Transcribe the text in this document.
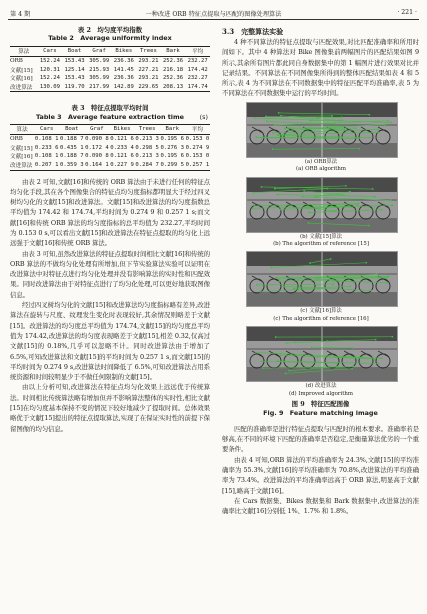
第 4 期	一种改进 ORB 特征点提取与匹配的图像处理算法	· 221 ·
表 2　均匀度平均指数
Table 2　Average uniformity index
算法	Cars	Boat	Graf	Bikes	Trees	Bark	平均
ORB	152.24	153.43	305.99	236.36	293.21	252.36	232.27
文献[15]	120.31	125.14	215.93	141.45	227.21	216.18	174.42
文献[16]	152.24	153.43	305.99	236.36	293.21	252.36	232.27
改进算法	130.09	119.70	217.99	142.89	229.65	208.13	174.74
表 3　特征点提取平均时间
Table 3　Average feature extraction time (s)
算法	Cars	Boat	Graf	Bikes	Trees	Bark	平均
ORB	0.108 1	0.188 7	0.090 8	0.121 6	0.213 3	0.195 6	0.153 0
文献[15]	0.233 6	0.435 1	0.172 4	0.233 4	0.298 5	0.276 3	0.274 9
文献[16]	0.108 1	0.188 7	0.090 8	0.121 6	0.213 3	0.195 6	0.153 0
改进算法	0.207 1	0.359 3	0.164 1	0.227 9	0.284 7	0.299 5	0.257 1

由表 2 可知,文献[16]和传统的 ORB 算法由于未进行任何的特征点均匀化手段,其在各个图像集合的特征点均匀度指标都明显大于经过四叉树均匀化的文献[15]和改进算法。文献[15]和改进算法的均匀度指数总平均值为 174.42 和 174.74,平均时间为 0.274 9 和 0.257 1 s;而文献[16]和传统 ORB 算法的均匀度指标的总平均值为 232.27,平均时间为 0.153 0 s,可以看出文献[15]和改进算法在特征点提取的均匀化上远远强于文献[16]和传统 ORB 算法。

由表 3 可知,虽然改进算法的特征点提取时间相比文献[16]和传统的 ORB 算法的不做均匀化处理有所增加,但下节实验算法实验可以证明在改进算法中对特征点进行均匀化处理并没有影响算法的实时性和匹配效果。同时改进算法由于对特征点进行了均匀化处理,可以更好地获取图像信息。

经过四叉树均匀化的文献[15]和改进算法均匀度指标略有差异,改进算法在旋转与尺度、纹理发生变化时表现较好,其余情况则略差于文献[15]。改进算法的均匀度总平均值为 174.74,文献[15]的均匀度总平均值为 174.42,改进算法的均匀度表现略差于文献[15],相差 0.32,仅高过文献[15]的 0.18%,几乎可以忽略不计。同时改进算法由于增加了 6.5%,可知改进算法和文献[15]的平均时间为 0.257 1 s,而文献[15]的平均时间为 0.274 9 s,改进算法时间降低了 6.5%,可知改进算法占用系统资源和时间较明显少于不做任何限制的文献[15]。

由以上分析可知,改进算法在特征点均匀化效果上远远优于传统算法。时间相比传统算法略有增加但并不影响算法整体的实时性,相比文献[15]在均匀度基本保持不变的情况下较好地减少了提取时间。总体效果略优于文献[15]提出的特征点提取算法,实现了在保证实时性的前提下保留图像的均匀信息。

3.3　完整算法实验

4 种不同算法的特征点提取与匹配效果,对比匹配准确率和所用时间如下。其中 4 种算法对 Bike 图像集前两幅图片的匹配结果如图 9 所示,其余所有图片都此同自身数据集中的第 1 幅图片进行效果对比并记录结果。不同算法在不同图像集所得到的整体匹配结果如表 4 和 5 所示,表 4 为不同算法在不同数据集中的特征匹配平均准确率,表 5 为不同算法在不同数据集中运行的平均时间。

(a) ORB算法
(a) ORB algorithm
(b) 文献[15]算法
(b) The algorithm of reference [15]
(c) 文献[16]算法
(c) The algorithm of reference [16]
(d) 改进算法
(d) Improved algorithm
图 9　特征匹配图像
Fig. 9　Feature matching image

匹配的准确率是进行特征点提取与匹配时的根本要求。准确率若是够高,在不同的环境下匹配的准确率是否稳定,是衡量算法优劣的一个重要条件。

由表 4 可知,ORB 算法的平均准确率为 24.3%,文献[15]的平均准确率为 55.3%,文献[16]的平均准确率为 70.8%,改进算法的平均准确率为 73.4%。改进算法的平均准确率远高于 ORB 算法,明显高于文献[15],略高于文献[16]。

在 Cars 数据集、Bikes 数据集和 Bark 数据集中,改进算法的准确率比文献[16]分别低 1%、1.7% 和 1.8%。
